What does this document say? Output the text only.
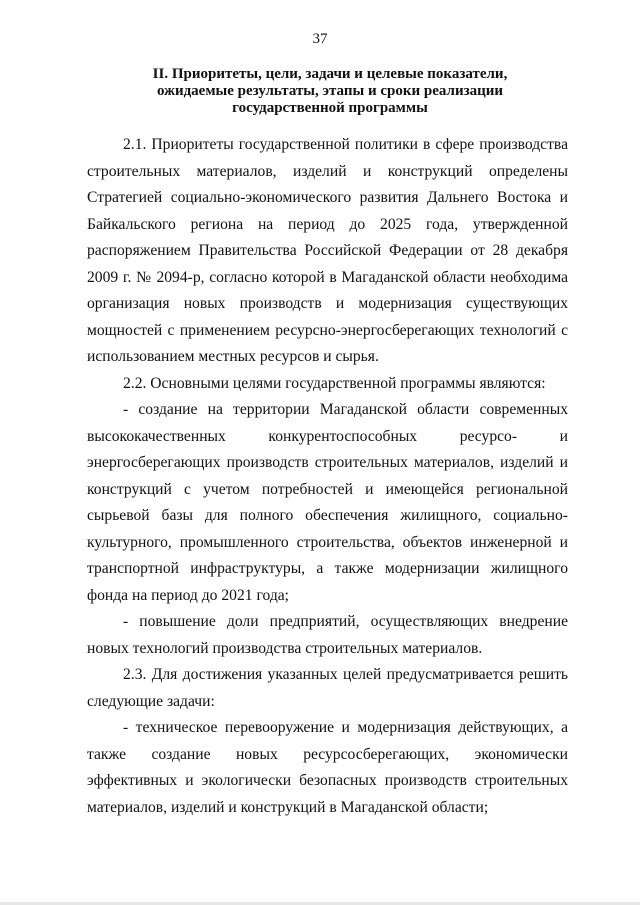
37
II. Приоритеты, цели, задачи и целевые показатели,
ожидаемые результаты, этапы и сроки реализации
государственной программы

2.1. Приоритеты государственной политики в сфере производства строительных материалов, изделий и конструкций определены Стратегией социально-экономического развития Дальнего Востока и Байкальского региона на период до 2025 года, утвержденной распоряжением Правительства Российской Федерации от 28 декабря 2009 г. № 2094-р, согласно которой в Магаданской области необходима организация новых производств и модернизация существующих мощностей с применением ресурсно-энергосберегающих технологий с использованием местных ресурсов и сырья.

2.2. Основными целями государственной программы являются:

- создание на территории Магаданской области современных высококачественных конкурентоспособных ресурсо- и энергосберегающих производств строительных материалов, изделий и конструкций с учетом потребностей и имеющейся региональной сырьевой базы для полного обеспечения жилищного, социально-культурного, промышленного строительства, объектов инженерной и транспортной инфраструктуры, а также модернизации жилищного фонда на период до 2021 года;

- повышение доли предприятий, осуществляющих внедрение новых технологий производства строительных материалов.

2.3. Для достижения указанных целей предусматривается решить следующие задачи:

- техническое перевооружение и модернизация действующих, а также создание новых ресурсосберегающих, экономически эффективных и экологически безопасных производств строительных материалов, изделий и конструкций в Магаданской области;
